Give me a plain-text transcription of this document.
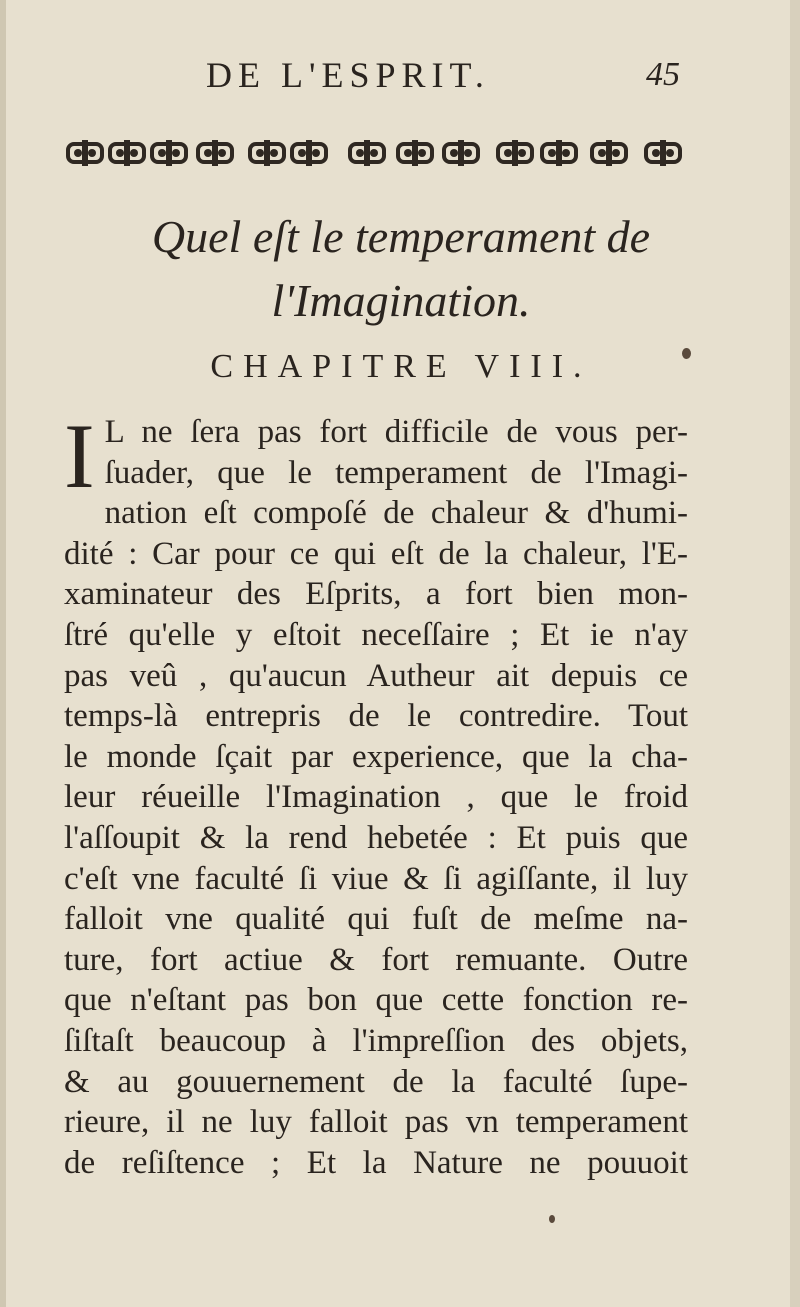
DE L'ESPRIT.	45
Quel eſt le temperament de
l'Imagination.
CHAPITRE VIII.
I L ne ſera pas fort difficile de vous per-
ſuader, que le temperament de l'Imagi-
nation eſt compoſé de chaleur & d'humi-
dité : Car pour ce qui eſt de la chaleur, l'E-
xaminateur des Eſprits, a fort bien mon-
ſtré qu'elle y eſtoit neceſſaire ; Et ie n'ay
pas veû , qu'aucun Autheur ait depuis ce
temps-là entrepris de le contredire. Tout
le monde ſçait par experience, que la cha-
leur réueille l'Imagination , que le froid
l'aſſoupit & la rend hebetée : Et puis que
c'eſt vne faculté ſi viue & ſi agiſſante, il luy
falloit vne qualité qui fuſt de meſme na-
ture, fort actiue & fort remuante. Outre
que n'eſtant pas bon que cette fonction re-
ſiſtaſt beaucoup à l'impreſſion des objets,
& au gouuernement de la faculté ſupe-
rieure, il ne luy falloit pas vn temperament
de reſiſtence ; Et la Nature ne pouuoit
